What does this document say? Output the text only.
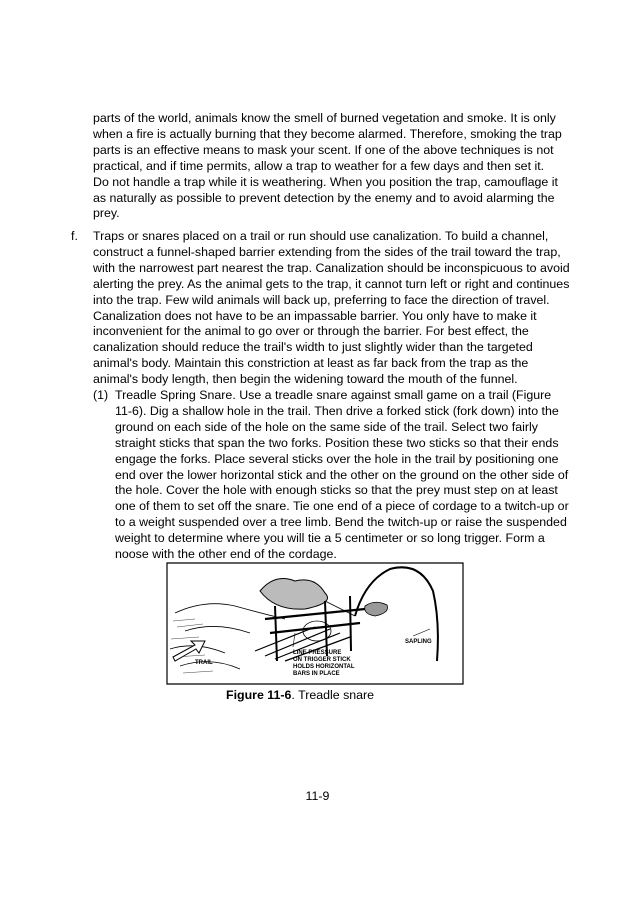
parts of the world, animals know the smell of burned vegetation and smoke. It is only when a fire is actually burning that they become alarmed. Therefore, smoking the trap parts is an effective means to mask your scent. If one of the above techniques is not practical, and if time permits, allow a trap to weather for a few days and then set it. Do not handle a trap while it is weathering. When you position the trap, camouflage it as naturally as possible to prevent detection by the enemy and to avoid alarming the prey.
f. Traps or snares placed on a trail or run should use canalization. To build a channel, construct a funnel-shaped barrier extending from the sides of the trail toward the trap, with the narrowest part nearest the trap. Canalization should be inconspicuous to avoid alerting the prey. As the animal gets to the trap, it cannot turn left or right and continues into the trap. Few wild animals will back up, preferring to face the direction of travel. Canalization does not have to be an impassable barrier. You only have to make it inconvenient for the animal to go over or through the barrier. For best effect, the canalization should reduce the trail's width to just slightly wider than the targeted animal's body. Maintain this constriction at least as far back from the trap as the animal's body length, then begin the widening toward the mouth of the funnel.
(1) Treadle Spring Snare. Use a treadle snare against small game on a trail (Figure 11-6). Dig a shallow hole in the trail. Then drive a forked stick (fork down) into the ground on each side of the hole on the same side of the trail. Select two fairly straight sticks that span the two forks. Position these two sticks so that their ends engage the forks. Place several sticks over the hole in the trail by positioning one end over the lower horizontal stick and the other on the ground on the other side of the hole. Cover the hole with enough sticks so that the prey must step on at least one of them to set off the snare. Tie one end of a piece of cordage to a twitch-up or to a weight suspended over a tree limb. Bend the twitch-up or raise the suspended weight to determine where you will tie a 5 centimeter or so long trigger. Form a noose with the other end of the cordage.
TRAIL
SAPLING
LINE PRESSURE
ON TRIGGER STICK
HOLDS HORIZONTAL
BARS IN PLACE
Figure 11-6. Treadle snare
11-9
